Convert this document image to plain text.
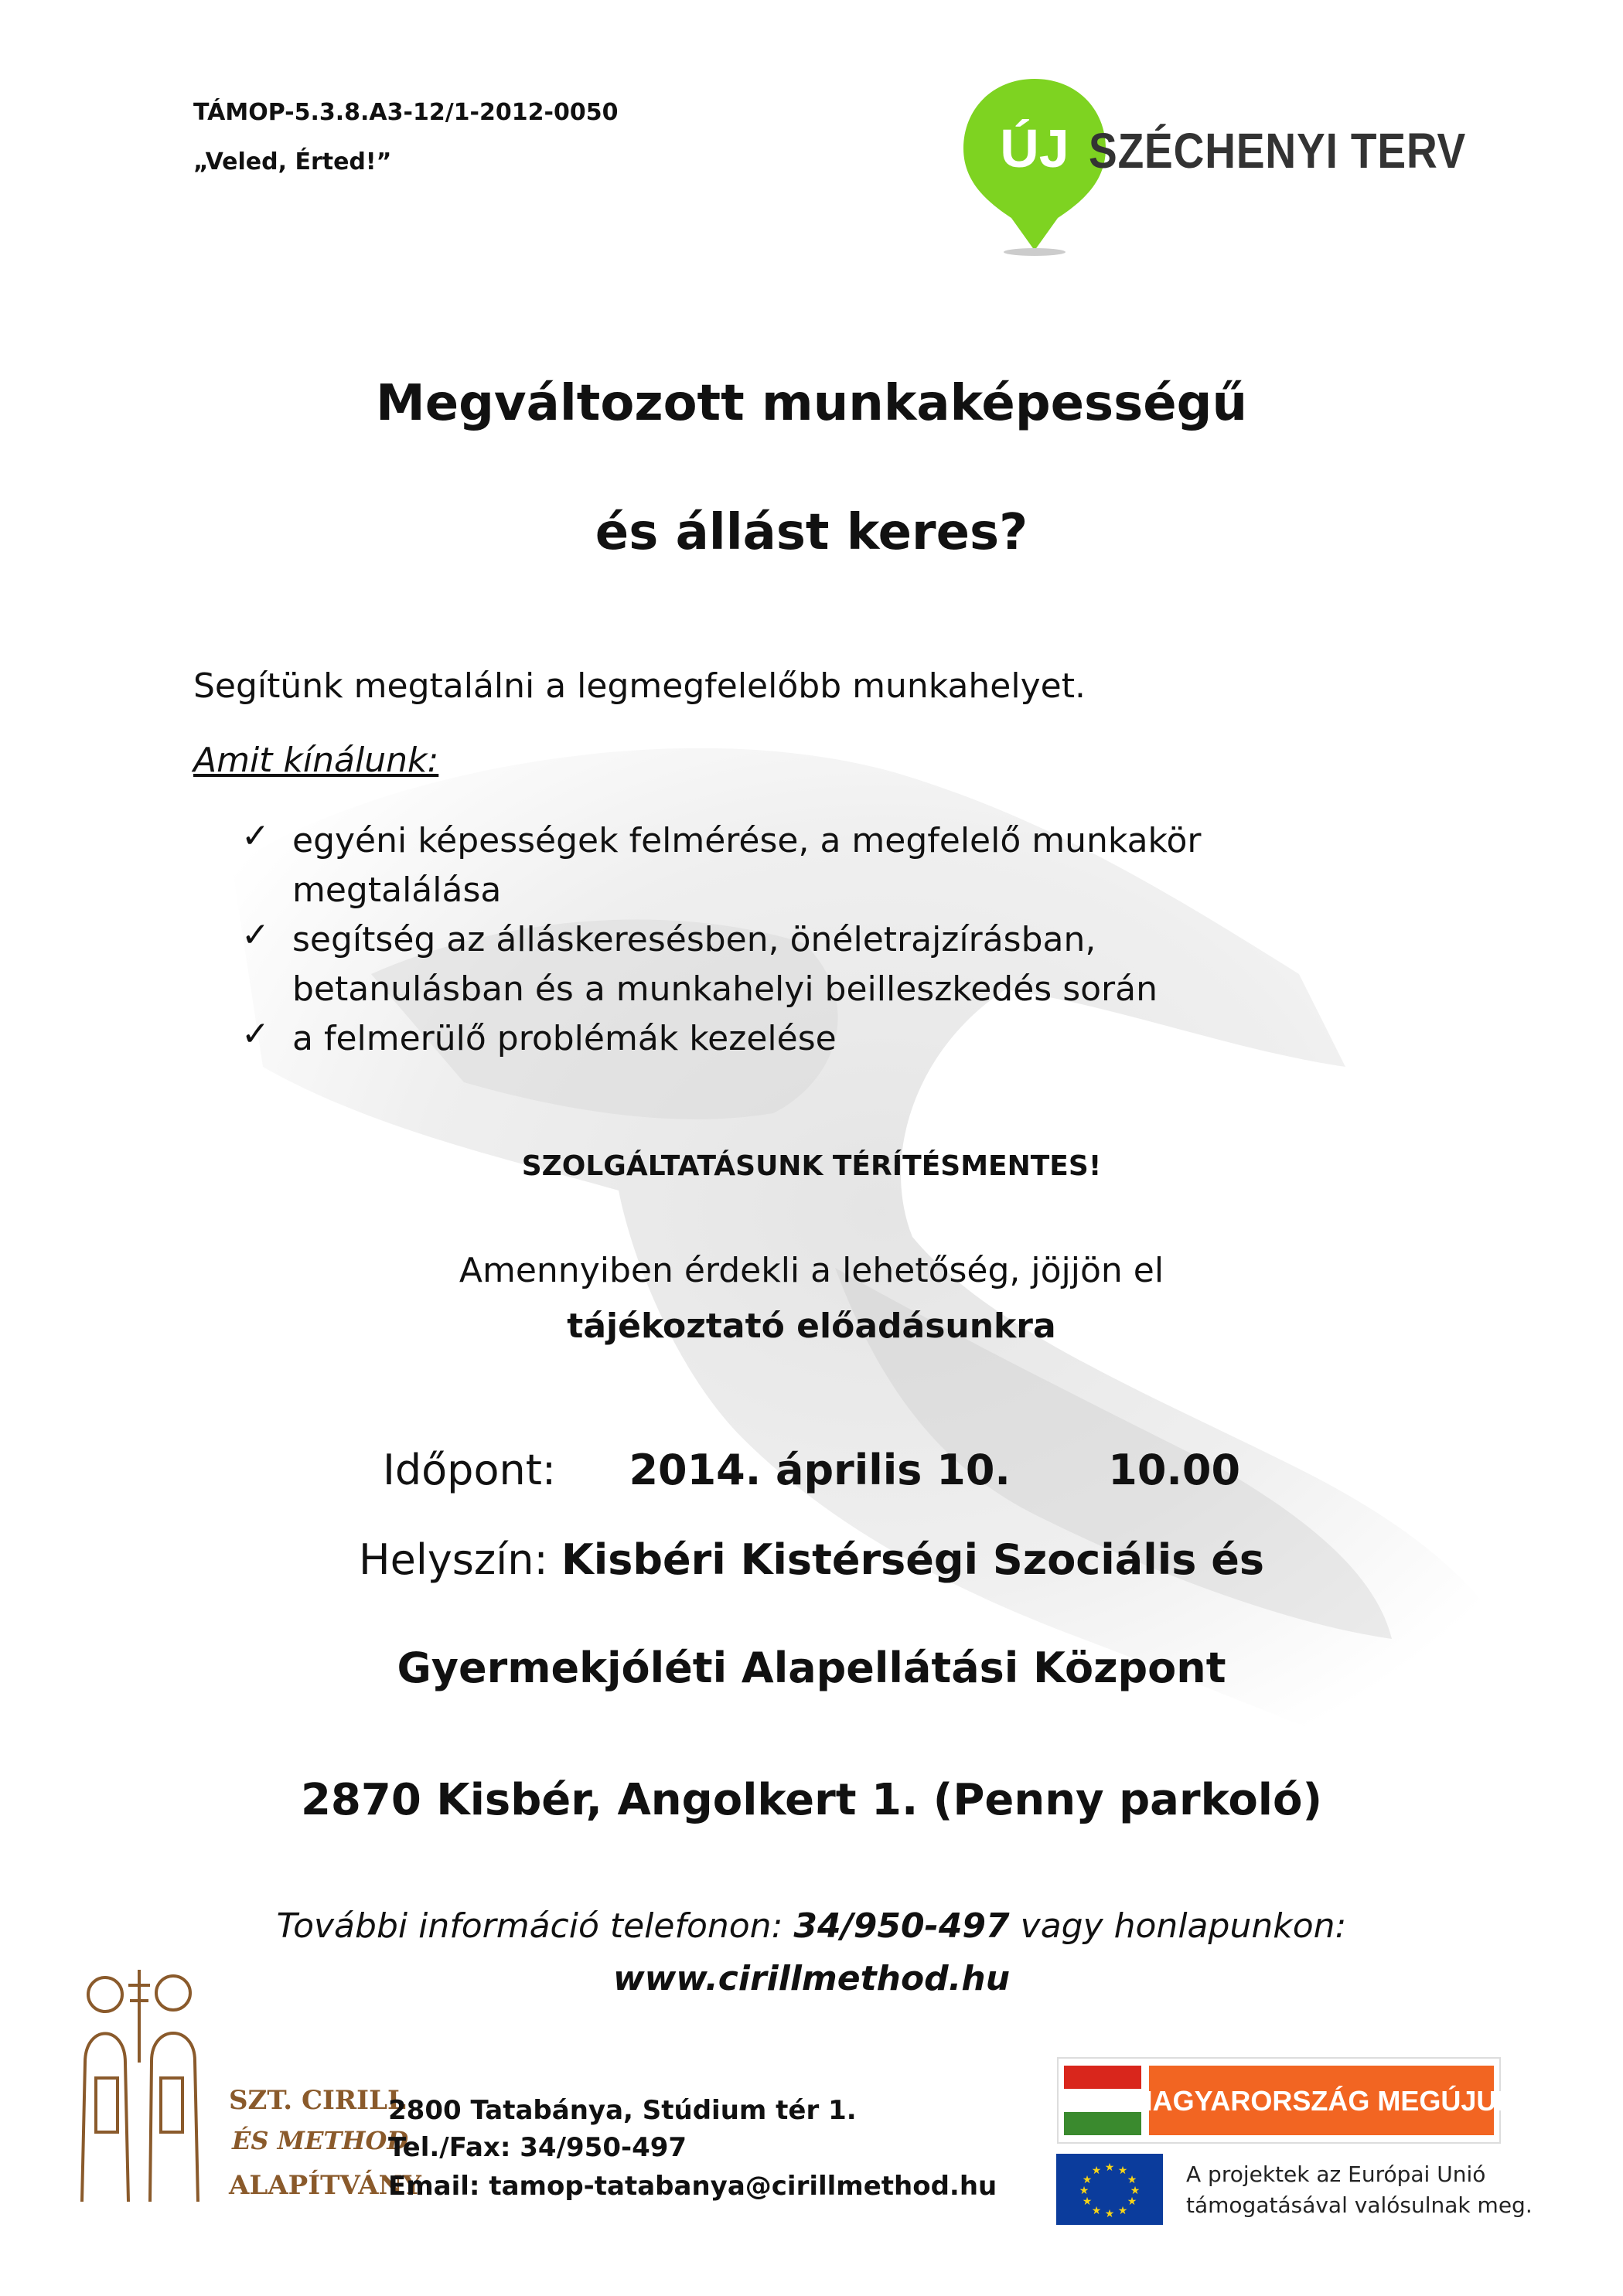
TÁMOP-5.3.8.A3-12/1-2012-0050
„Veled, Érted!”	ÚJ SZÉCHENYI TERV
Megváltozott munkaképességű
és állást keres?
Segítünk megtalálni a legmegfelelőbb munkahelyet.
Amit kínálunk:
✓ egyéni képességek felmérése, a megfelelő munkakör
megtalálása
✓ segítség az álláskeresésben, önéletrajzírásban,
betanulásban és a munkahelyi beilleszkedés során
✓ a felmerülő problémák kezelése
SZOLGÁLTATÁSUNK TÉRÍTÉSMENTES!
Amennyiben érdekli a lehetőség, jöjjön el
tájékoztató előadásunkra
Időpont: 2014. április 10. 10.00
Helyszín: Kisbéri Kistérségi Szociális és
Gyermekjóléti Alapellátási Központ
2870 Kisbér, Angolkert 1. (Penny parkoló)
További információ telefonon: 34/950-497 vagy honlapunkon:
www.cirillmethod.hu
SZT. CIRILL
ÉS METHOD
ALAPÍTVÁNY
2800 Tatabánya, Stúdium tér 1.
Tel./Fax: 34/950-497
Email: tamop-tatabanya@cirillmethod.hu
MAGYARORSZÁG MEGÚJUL
★ ★
★
★
★
★
★
★
★
★
★
★	A projektek az Európai Unió
támogatásával valósulnak meg.
